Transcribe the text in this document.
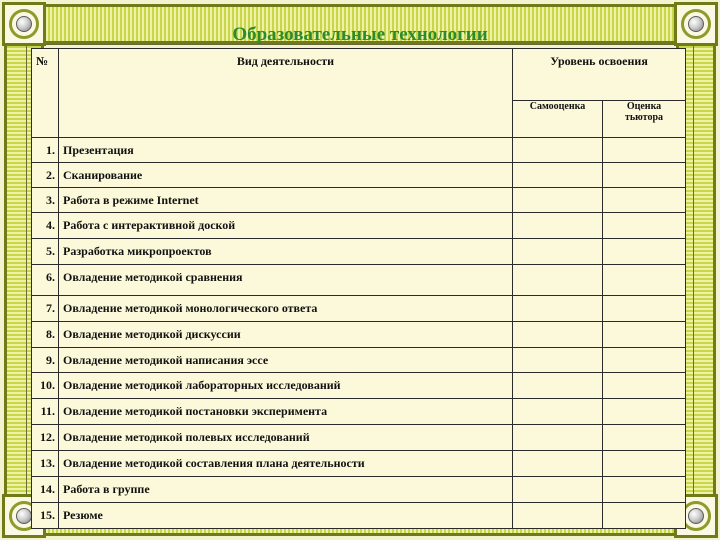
Образовательные технологии
№	Вид деятельности	Уровень освоения	
		Самооценка	Оценка тьютора
1.	Презентация		
2.	Сканирование		
3.	Работа в режиме Internet		
4.	Работа с интерактивной доской		
5.	Разработка микропроектов		
6.	Овладение методикой сравнения		
7.	Овладение методикой монологического ответа		
8.	Овладение методикой дискуссии		
9.	Овладение методикой написания эссе		
10.	Овладение методикой лабораторных исследований		
11.	Овладение методикой постановки эксперимента		
12.	Овладение методикой полевых исследований		
13.	Овладение методикой составления плана деятельности		
14.	Работа в группе		
15.	Резюме		
